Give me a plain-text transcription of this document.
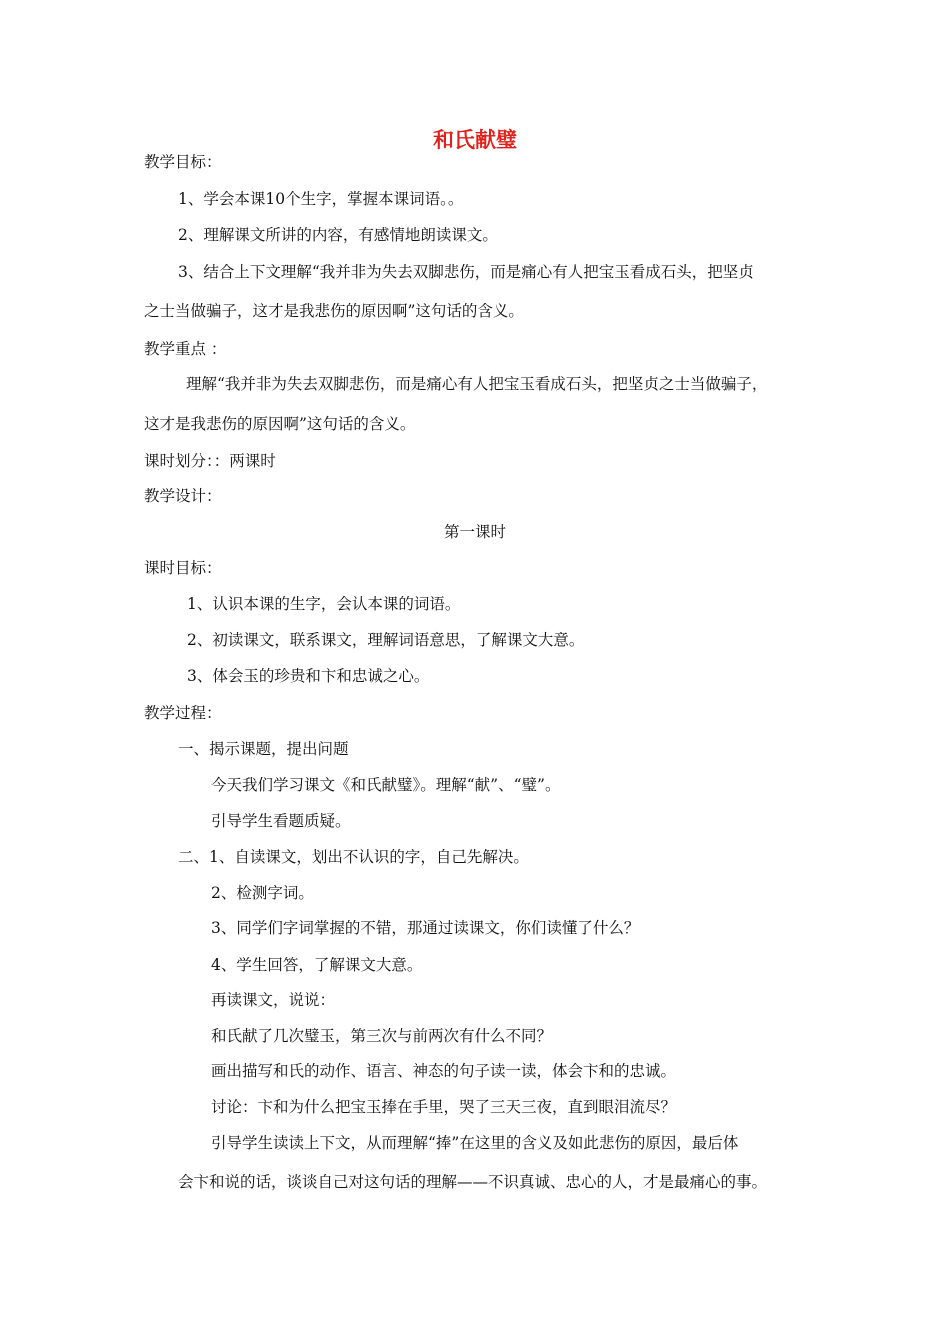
和氏献璧
教学目标：
1、学会本课10个生字，掌握本课词语。。
2、理解课文所讲的内容，有感情地朗读课文。
3、结合上下文理解“我并非为失去双脚悲伤，而是痛心有人把宝玉看成石头，把坚贞
之士当做骗子，这才是我悲伤的原因啊”这句话的含义。
教学重点 ：
理解“我并非为失去双脚悲伤，而是痛心有人把宝玉看成石头，把坚贞之士当做骗子，
这才是我悲伤的原因啊”这句话的含义。
课时划分：：两课时
教学设计：
第一课时
课时目标：
1、认识本课的生字，会认本课的词语。
2、初读课文，联系课文，理解词语意思，了解课文大意。
3、体会玉的珍贵和卞和忠诚之心。
教学过程：
一、揭示课题，提出问题
今天我们学习课文《和氏献璧》。理解“献”、“璧”。
引导学生看题质疑。
二、1、自读课文，划出不认识的字，自己先解决。
2、检测字词。
3、同学们字词掌握的不错，那通过读课文，你们读懂了什么？
4、学生回答，了解课文大意。
再读课文，说说：
和氏献了几次璧玉，第三次与前两次有什么不同？
画出描写和氏的动作、语言、神态的句子读一读，体会卞和的忠诚。
讨论：卞和为什么把宝玉捧在手里，哭了三天三夜，直到眼泪流尽？
引导学生读读上下文，从而理解“捧”在这里的含义及如此悲伤的原因，最后体
会卞和说的话，谈谈自己对这句话的理解——不识真诚、忠心的人，才是最痛心的事。
